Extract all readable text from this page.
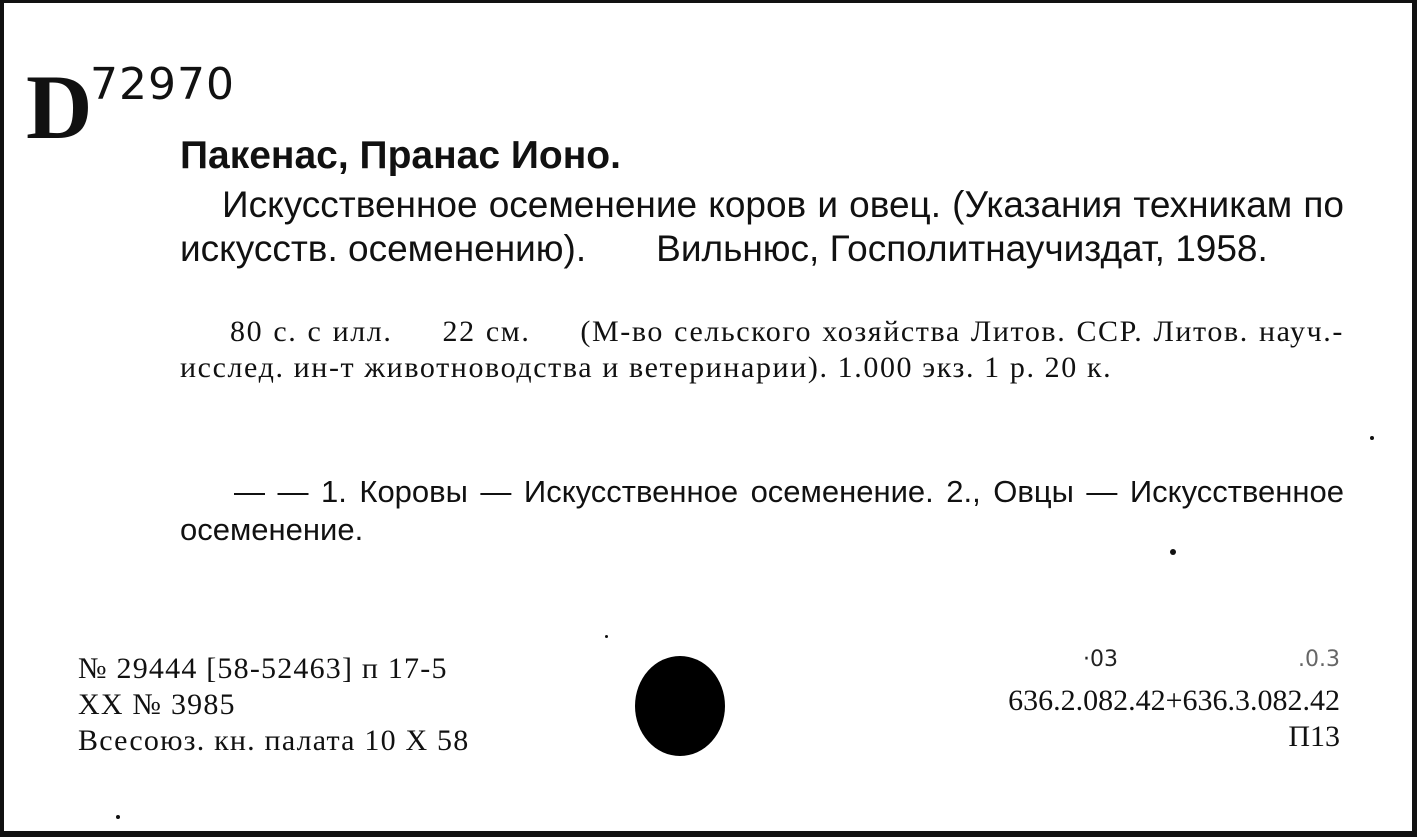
D
72970
Пакенас, Пранас Ионо.

Искусственное осеменение коров и овец. (Указания техникам по искусств. осеменению). Вильнюс, Госполитнаучиздат, 1958.

80 с. с илл. 22 см. (М-во сельского хозяйства Литов. ССР. Литов. науч.-исслед. ин-т животноводства и ветеринарии). 1.000 экз. 1 р. 20 к.

— — 1. Коровы — Искусственное осеменение. 2., Овцы — Искусственное осеменение.

№ 29444 [58-52463] п 17-5
XX № 3985
Всесоюз. кн. палата 10 X 58
·03	.0.3
636.2.082.42+636.3.082.42
П13
